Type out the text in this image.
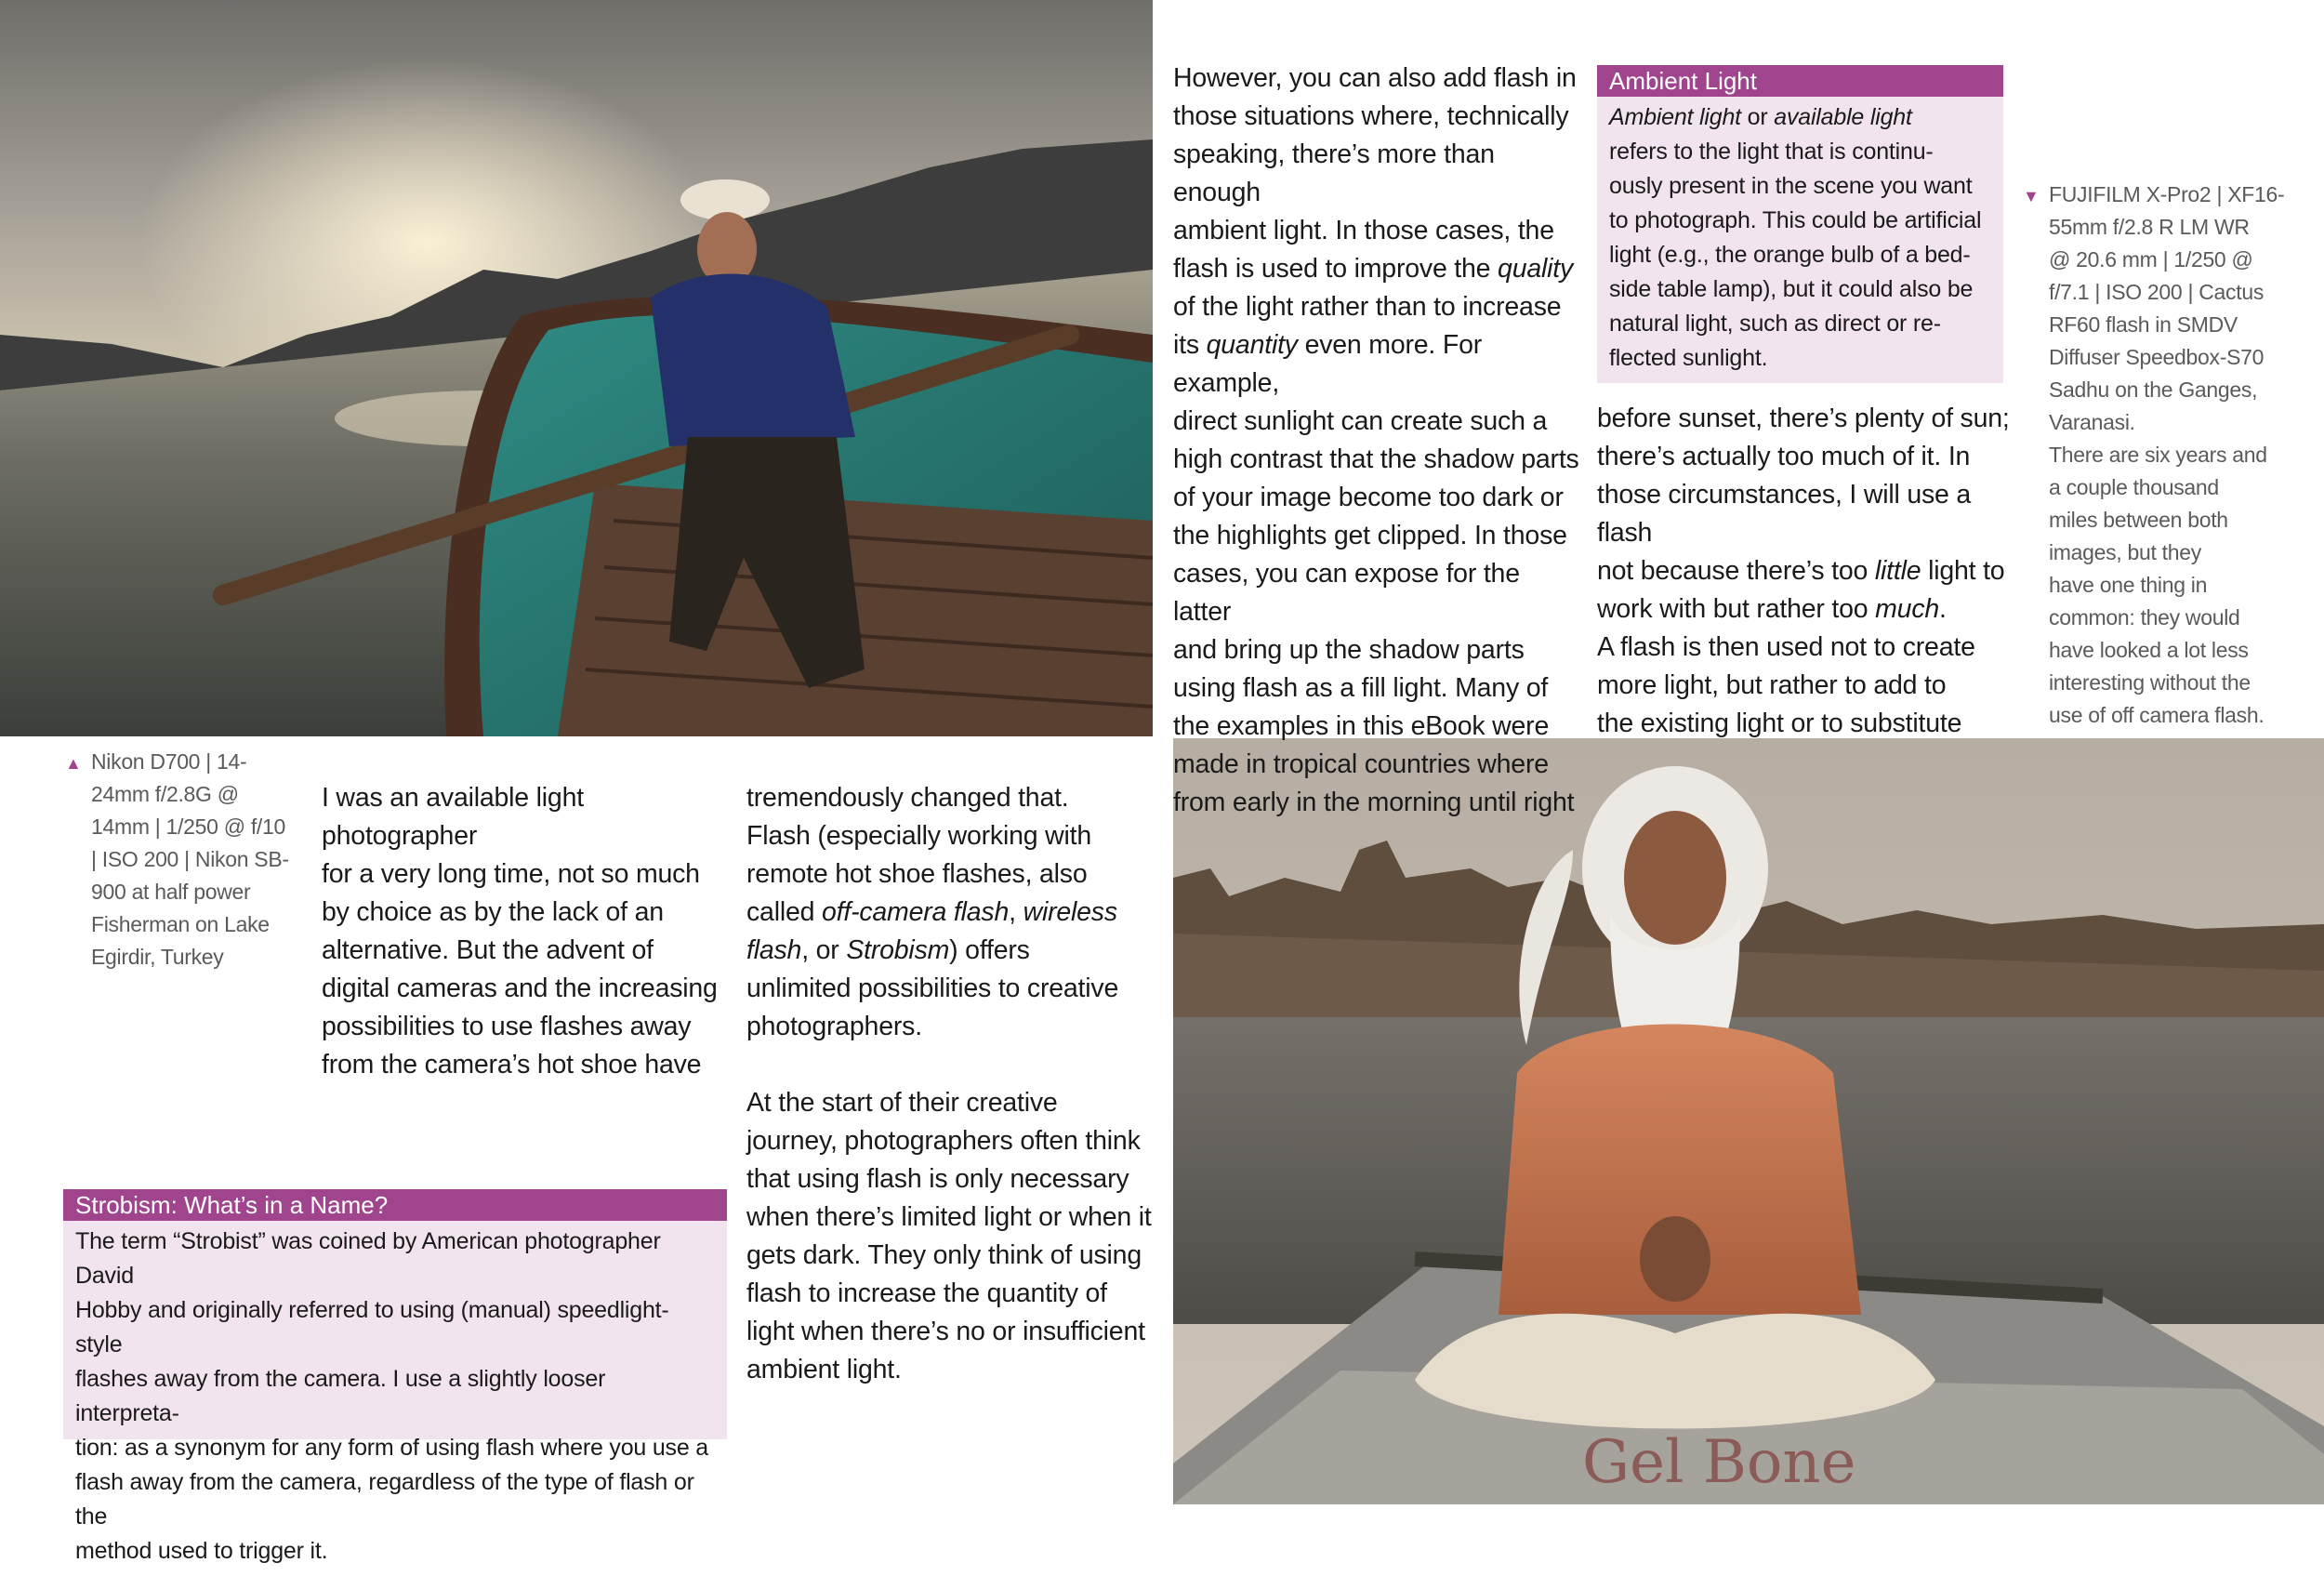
Gel Bone
However, you can also add flash in
those situations where, technically
speaking, there’s more than enough
ambient light. In those cases, the
flash is used to improve the quality
of the light rather than to increase
its quantity even more. For example,
direct sunlight can create such a
high contrast that the shadow parts
of your image become too dark or
the highlights get clipped. In those
cases, you can expose for the latter
and bring up the shadow parts
using flash as a fill light. Many of
the examples in this eBook were
made in tropical countries where
from early in the morning until right
Ambient Light
Ambient light or available light
refers to the light that is continu-
ously present in the scene you want
to photograph. This could be artificial
light (e.g., the orange bulb of a bed-
side table lamp), but it could also be
natural light, such as direct or re-
flected sunlight.
before sunset, there’s plenty of sun;
there’s actually too much of it. In
those circumstances, I will use a flash
not because there’s too little light to
work with but rather too much.
A flash is then used not to create
more light, but rather to add to
the existing light or to substitute
▼ FUJIFILM X-Pro2 | XF16-
55mm f/2.8 R LM WR
@ 20.6 mm | 1/250 @
f/7.1 | ISO 200 | Cactus
RF60 flash in SMDV
Diffuser Speedbox-S70
Sadhu on the Ganges,
Varanasi.
There are six years and
a couple thousand
miles between both
images, but they
have one thing in
common: they would
have looked a lot less
interesting without the
use of off camera flash.
▲ Nikon D700 | 14-
24mm f/2.8G @
14mm | 1/250 @ f/10
| ISO 200 | Nikon SB-
900 at half power
Fisherman on Lake
Egirdir, Turkey
I was an available light photographer
for a very long time, not so much
by choice as by the lack of an
alternative. But the advent of
digital cameras and the increasing
possibilities to use flashes away
from the camera’s hot shoe have
tremendously changed that.
Flash (especially working with
remote hot shoe flashes, also
called off-camera flash, wireless
flash, or Strobism) offers
unlimited possibilities to creative
photographers.
At the start of their creative
journey, photographers often think
that using flash is only necessary
when there’s limited light or when it
gets dark. They only think of using
flash to increase the quantity of
light when there’s no or insufficient
ambient light.
Strobism: What’s in a Name?
The term “Strobist” was coined by American photographer David
Hobby and originally referred to using (manual) speedlight-style
flashes away from the camera. I use a slightly looser interpreta-
tion: as a synonym for any form of using flash where you use a
flash away from the camera, regardless of the type of flash or the
method used to trigger it.
